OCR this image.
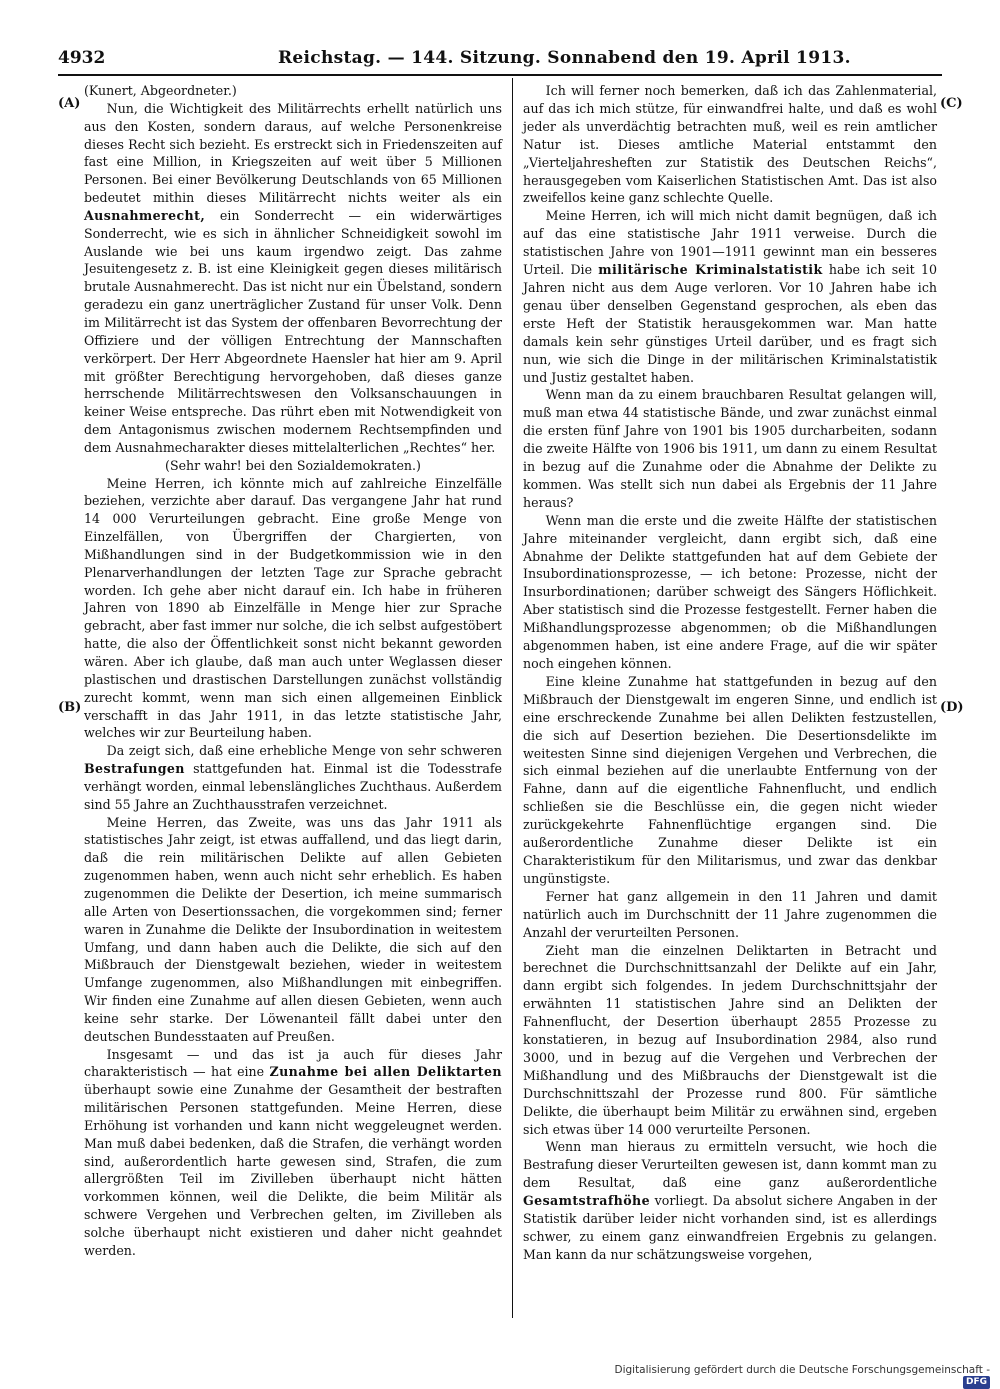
4932	Reichstag. — 144. Sitzung. Sonnabend den 19. April 1913.
(A)
(B)
(C)
(D)

(Kunert, Abgeordneter.)

Nun, die Wichtigkeit des Militärrechts erhellt natürlich uns aus den Kosten, sondern daraus, auf welche Personenkreise dieses Recht sich bezieht. Es erstreckt sich in Friedenszeiten auf fast eine Million, in Kriegszeiten auf weit über 5 Millionen Personen. Bei einer Bevölkerung Deutschlands von 65 Millionen bedeutet mithin dieses Militärrecht nichts weiter als ein Ausnahmerecht, ein Sonderrecht — ein widerwärtiges Sonderrecht, wie es sich in ähnlicher Schneidigkeit sowohl im Auslande wie bei uns kaum irgendwo zeigt. Das zahme Jesuitengesetz z. B. ist eine Kleinigkeit gegen dieses militärisch brutale Ausnahmerecht. Das ist nicht nur ein Übelstand, sondern geradezu ein ganz unerträglicher Zustand für unser Volk. Denn im Militärrecht ist das System der offenbaren Bevorrechtung der Offiziere und der völligen Entrechtung der Mannschaften verkörpert. Der Herr Abgeordnete Haensler hat hier am 9. April mit größter Berechtigung hervorgehoben, daß dieses ganze herrschende Militärrechtswesen den Volksanschauungen in keiner Weise entspreche. Das rührt eben mit Notwendigkeit von dem Antagonismus zwischen modernem Rechtsempfinden und dem Ausnahmecharakter dieses mittelalterlichen „Rechtes“ her.

(Sehr wahr! bei den Sozialdemokraten.)

Meine Herren, ich könnte mich auf zahlreiche Einzelfälle beziehen, verzichte aber darauf. Das vergangene Jahr hat rund 14 000 Verurteilungen gebracht. Eine große Menge von Einzelfällen, von Übergriffen der Chargierten, von Mißhandlungen sind in der Budgetkommission wie in den Plenarverhandlungen der letzten Tage zur Sprache gebracht worden. Ich gehe aber nicht darauf ein. Ich habe in früheren Jahren von 1890 ab Einzelfälle in Menge hier zur Sprache gebracht, aber fast immer nur solche, die ich selbst aufgestöbert hatte, die also der Öffentlichkeit sonst nicht bekannt geworden wären. Aber ich glaube, daß man auch unter Weglassen dieser plastischen und drastischen Darstellungen zunächst vollständig zurecht kommt, wenn man sich einen allgemeinen Einblick verschafft in das Jahr 1911, in das letzte statistische Jahr, welches wir zur Beurteilung haben.

Da zeigt sich, daß eine erhebliche Menge von sehr schweren Bestrafungen stattgefunden hat. Einmal ist die Todesstrafe verhängt worden, einmal lebenslängliches Zuchthaus. Außerdem sind 55 Jahre an Zuchthausstrafen verzeichnet.

Meine Herren, das Zweite, was uns das Jahr 1911 als statistisches Jahr zeigt, ist etwas auffallend, und das liegt darin, daß die rein militärischen Delikte auf allen Gebieten zugenommen haben, wenn auch nicht sehr erheblich. Es haben zugenommen die Delikte der Desertion, ich meine summarisch alle Arten von Desertionssachen, die vorgekommen sind; ferner waren in Zunahme die Delikte der Insubordination in weitestem Umfang, und dann haben auch die Delikte, die sich auf den Mißbrauch der Dienstgewalt beziehen, wieder in weitestem Umfange zugenommen, also Mißhandlungen mit einbegriffen. Wir finden eine Zunahme auf allen diesen Gebieten, wenn auch keine sehr starke. Der Löwenanteil fällt dabei unter den deutschen Bundesstaaten auf Preußen.

Insgesamt — und das ist ja auch für dieses Jahr charakteristisch — hat eine Zunahme bei allen Deliktarten überhaupt sowie eine Zunahme der Gesamtheit der bestraften militärischen Personen stattgefunden. Meine Herren, diese Erhöhung ist vorhanden und kann nicht weggeleugnet werden. Man muß dabei bedenken, daß die Strafen, die verhängt worden sind, außerordentlich harte gewesen sind, Strafen, die zum allergrößten Teil im Zivilleben überhaupt nicht hätten vorkommen können, weil die Delikte, die beim Militär als schwere Vergehen und Verbrechen gelten, im Zivilleben als solche überhaupt nicht existieren und daher nicht geahndet werden.

Ich will ferner noch bemerken, daß ich das Zahlenmaterial, auf das ich mich stütze, für einwandfrei halte, und daß es wohl jeder als unverdächtig betrachten muß, weil es rein amtlicher Natur ist. Dieses amtliche Material entstammt den „Vierteljahresheften zur Statistik des Deutschen Reichs“, herausgegeben vom Kaiserlichen Statistischen Amt. Das ist also zweifellos keine ganz schlechte Quelle.

Meine Herren, ich will mich nicht damit begnügen, daß ich auf das eine statistische Jahr 1911 verweise. Durch die statistischen Jahre von 1901—1911 gewinnt man ein besseres Urteil. Die militärische Kriminalstatistik habe ich seit 10 Jahren nicht aus dem Auge verloren. Vor 10 Jahren habe ich genau über denselben Gegenstand gesprochen, als eben das erste Heft der Statistik herausgekommen war. Man hatte damals kein sehr günstiges Urteil darüber, und es fragt sich nun, wie sich die Dinge in der militärischen Kriminalstatistik und Justiz gestaltet haben.

Wenn man da zu einem brauchbaren Resultat gelangen will, muß man etwa 44 statistische Bände, und zwar zunächst einmal die ersten fünf Jahre von 1901 bis 1905 durcharbeiten, sodann die zweite Hälfte von 1906 bis 1911, um dann zu einem Resultat in bezug auf die Zunahme oder die Abnahme der Delikte zu kommen. Was stellt sich nun dabei als Ergebnis der 11 Jahre heraus?

Wenn man die erste und die zweite Hälfte der statistischen Jahre miteinander vergleicht, dann ergibt sich, daß eine Abnahme der Delikte stattgefunden hat auf dem Gebiete der Insubordinationsprozesse, — ich betone: Prozesse, nicht der Insurbordinationen; darüber schweigt des Sängers Höflichkeit. Aber statistisch sind die Prozesse festgestellt. Ferner haben die Mißhandlungsprozesse abgenommen; ob die Mißhandlungen abgenommen haben, ist eine andere Frage, auf die wir später noch eingehen können.

Eine kleine Zunahme hat stattgefunden in bezug auf den Mißbrauch der Dienstgewalt im engeren Sinne, und endlich ist eine erschreckende Zunahme bei allen Delikten festzustellen, die sich auf Desertion beziehen. Die Desertionsdelikte im weitesten Sinne sind diejenigen Vergehen und Verbrechen, die sich einmal beziehen auf die unerlaubte Entfernung von der Fahne, dann auf die eigentliche Fahnenflucht, und endlich schließen sie die Beschlüsse ein, die gegen nicht wieder zurückgekehrte Fahnenflüchtige ergangen sind. Die außerordentliche Zunahme dieser Delikte ist ein Charakteristikum für den Militarismus, und zwar das denkbar ungünstigste.

Ferner hat ganz allgemein in den 11 Jahren und damit natürlich auch im Durchschnitt der 11 Jahre zugenommen die Anzahl der verurteilten Personen.

Zieht man die einzelnen Deliktarten in Betracht und berechnet die Durchschnittsanzahl der Delikte auf ein Jahr, dann ergibt sich folgendes. In jedem Durchschnittsjahr der erwähnten 11 statistischen Jahre sind an Delikten der Fahnenflucht, der Desertion überhaupt 2855 Prozesse zu konstatieren, in bezug auf Insubordination 2984, also rund 3000, und in bezug auf die Vergehen und Verbrechen der Mißhandlung und des Mißbrauchs der Dienstgewalt ist die Durchschnittszahl der Prozesse rund 800. Für sämtliche Delikte, die überhaupt beim Militär zu erwähnen sind, ergeben sich etwas über 14 000 verurteilte Personen.

Wenn man hieraus zu ermitteln versucht, wie hoch die Bestrafung dieser Verurteilten gewesen ist, dann kommt man zu dem Resultat, daß eine ganz außerordentliche Gesamtstrafhöhe vorliegt. Da absolut sichere Angaben in der Statistik darüber leider nicht vorhanden sind, ist es allerdings schwer, zu einem ganz einwandfreien Ergebnis zu gelangen. Man kann da nur schätzungsweise vorgehen,

Digitalisierung gefördert durch die Deutsche Forschungsgemeinschaft - DFG
